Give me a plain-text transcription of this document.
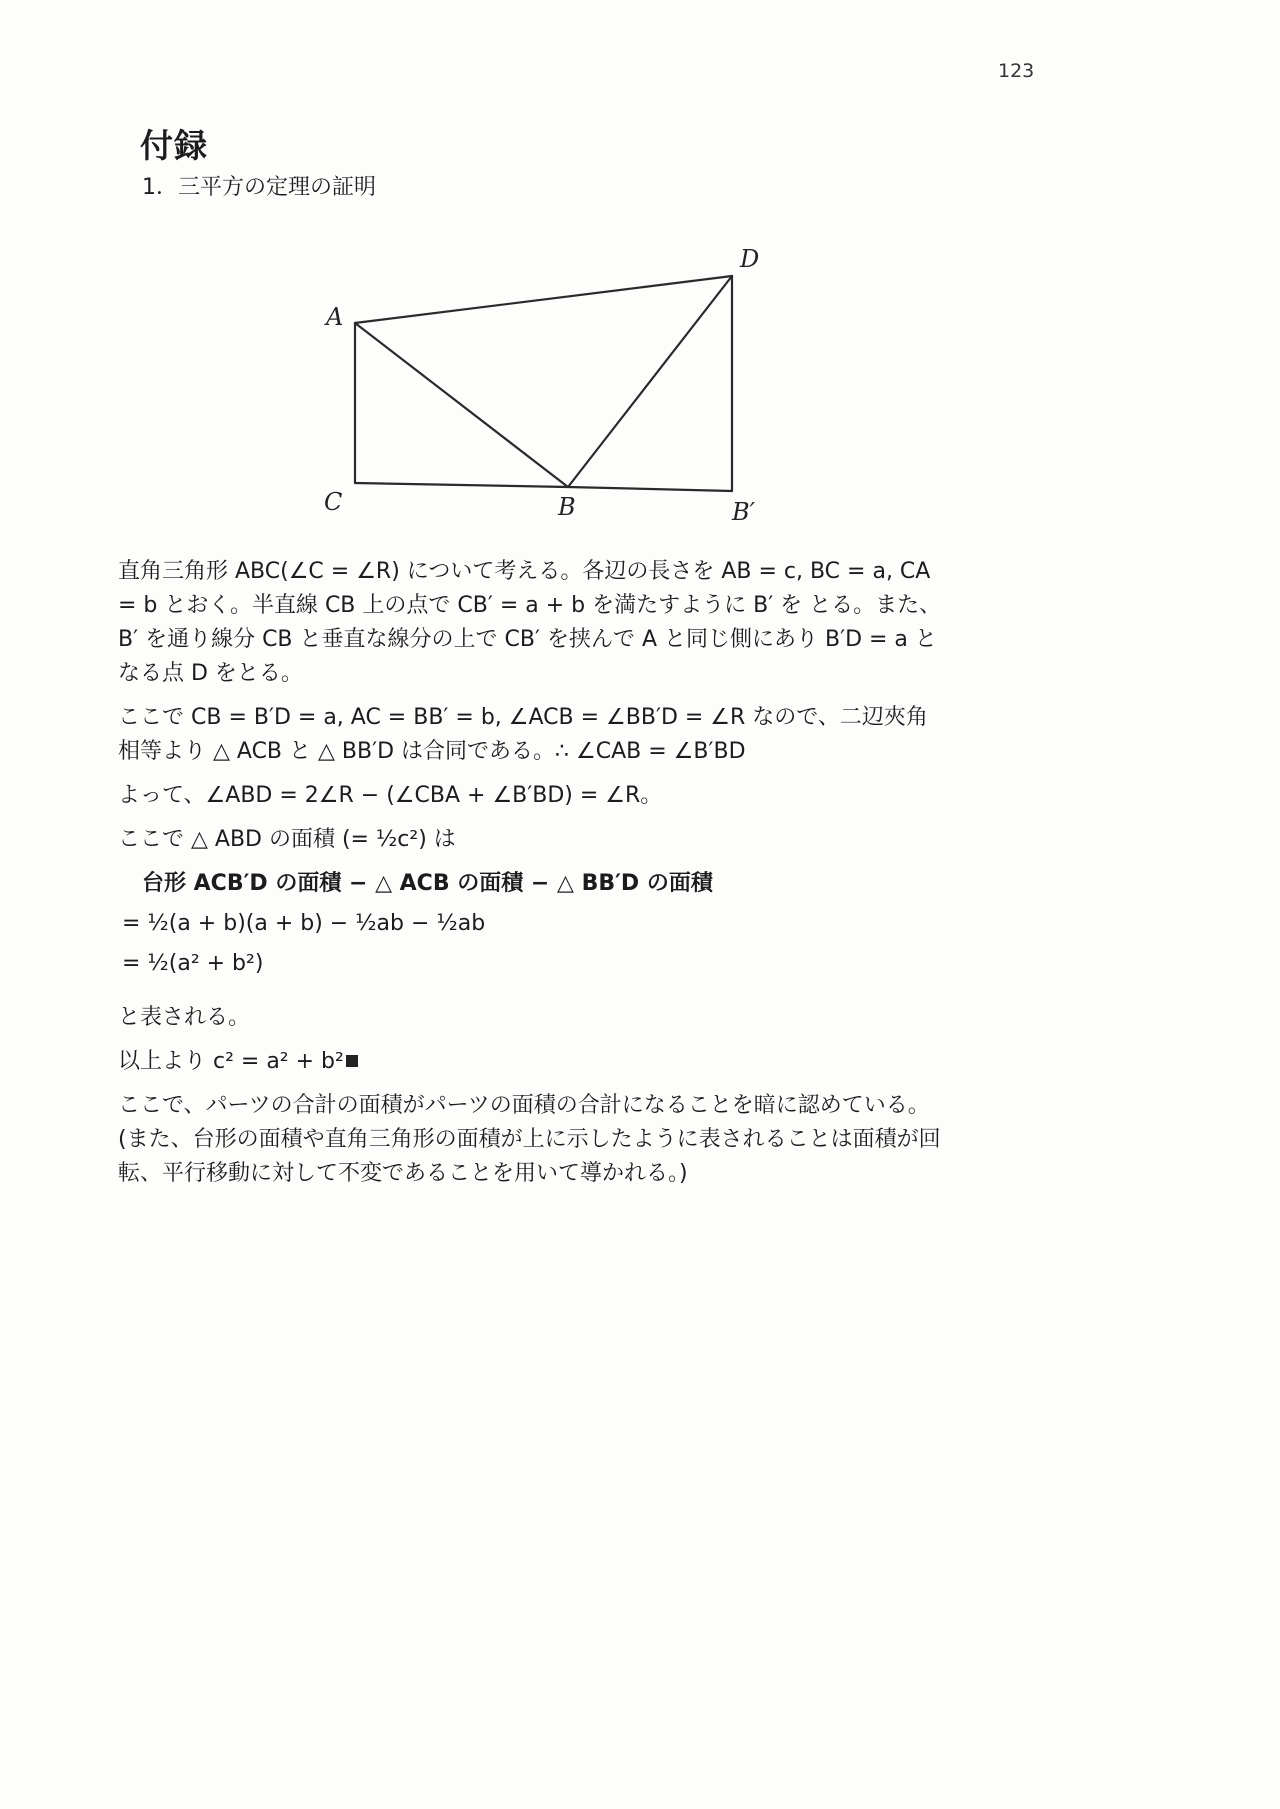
123
付録
1．三平方の定理の証明
D
A
C	B	B′

直角三角形 ABC(∠C = ∠R) について考える。各辺の長さを AB = c, BC = a, CA = b とおく。半直線 CB 上の点で CB′ = a + b を満たすように B′ を とる。また、B′ を通り線分 CB と垂直な線分の上で CB′ を挟んで A と同じ側にあり B′D = a となる点 D をとる。

ここで CB = B′D = a, AC = BB′ = b, ∠ACB = ∠BB′D = ∠R なので、二辺夾角相等より △ ACB と △ BB′D は合同である。∴ ∠CAB = ∠B′BD

よって、∠ABD = 2∠R − (∠CBA + ∠B′BD) = ∠R。

ここで △ ABD の面積 (= ½c²) は

台形 ACB′D の面積 − △ ACB の面積 − △ BB′D の面積

= ½(a + b)(a + b) − ½ab − ½ab

= ½(a² + b²)

と表される。

以上より c² = a² + b²

ここで、パーツの合計の面積がパーツの面積の合計になることを暗に認めている。(また、台形の面積や直角三角形の面積が上に示したように表されることは面積が回転、平行移動に対して不変であることを用いて導かれる。)
